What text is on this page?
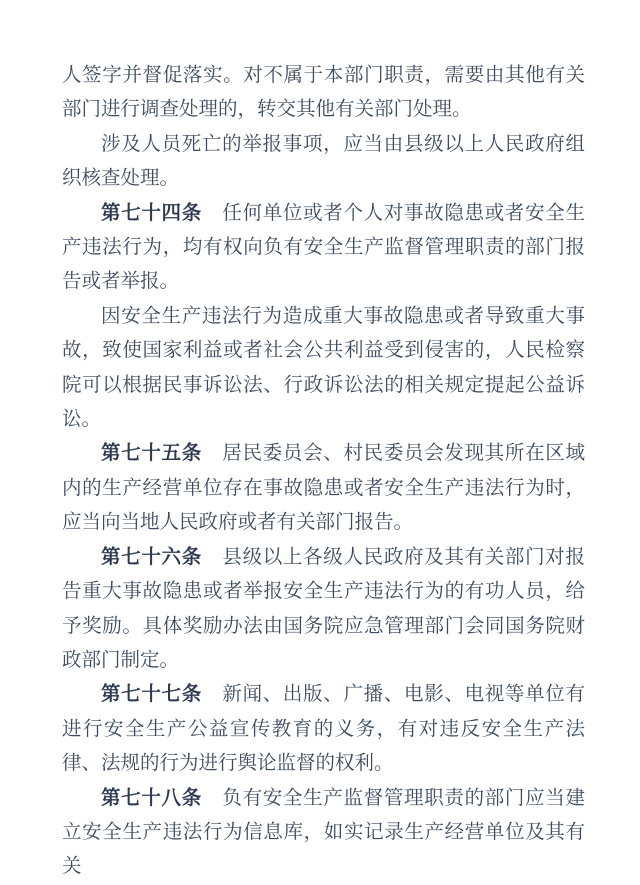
人签字并督促落实。对不属于本部门职责，需要由其他有关部门进行调查处理的，转交其他有关部门处理。

涉及人员死亡的举报事项，应当由县级以上人民政府组织核查处理。

第七十四条 任何单位或者个人对事故隐患或者安全生产违法行为，均有权向负有安全生产监督管理职责的部门报告或者举报。

因安全生产违法行为造成重大事故隐患或者导致重大事故，致使国家利益或者社会公共利益受到侵害的，人民检察院可以根据民事诉讼法、行政诉讼法的相关规定提起公益诉讼。

第七十五条 居民委员会、村民委员会发现其所在区域内的生产经营单位存在事故隐患或者安全生产违法行为时，应当向当地人民政府或者有关部门报告。

第七十六条 县级以上各级人民政府及其有关部门对报告重大事故隐患或者举报安全生产违法行为的有功人员，给予奖励。具体奖励办法由国务院应急管理部门会同国务院财政部门制定。

第七十七条 新闻、出版、广播、电影、电视等单位有进行安全生产公益宣传教育的义务，有对违反安全生产法律、法规的行为进行舆论监督的权利。

第七十八条 负有安全生产监督管理职责的部门应当建立安全生产违法行为信息库，如实记录生产经营单位及其有关
